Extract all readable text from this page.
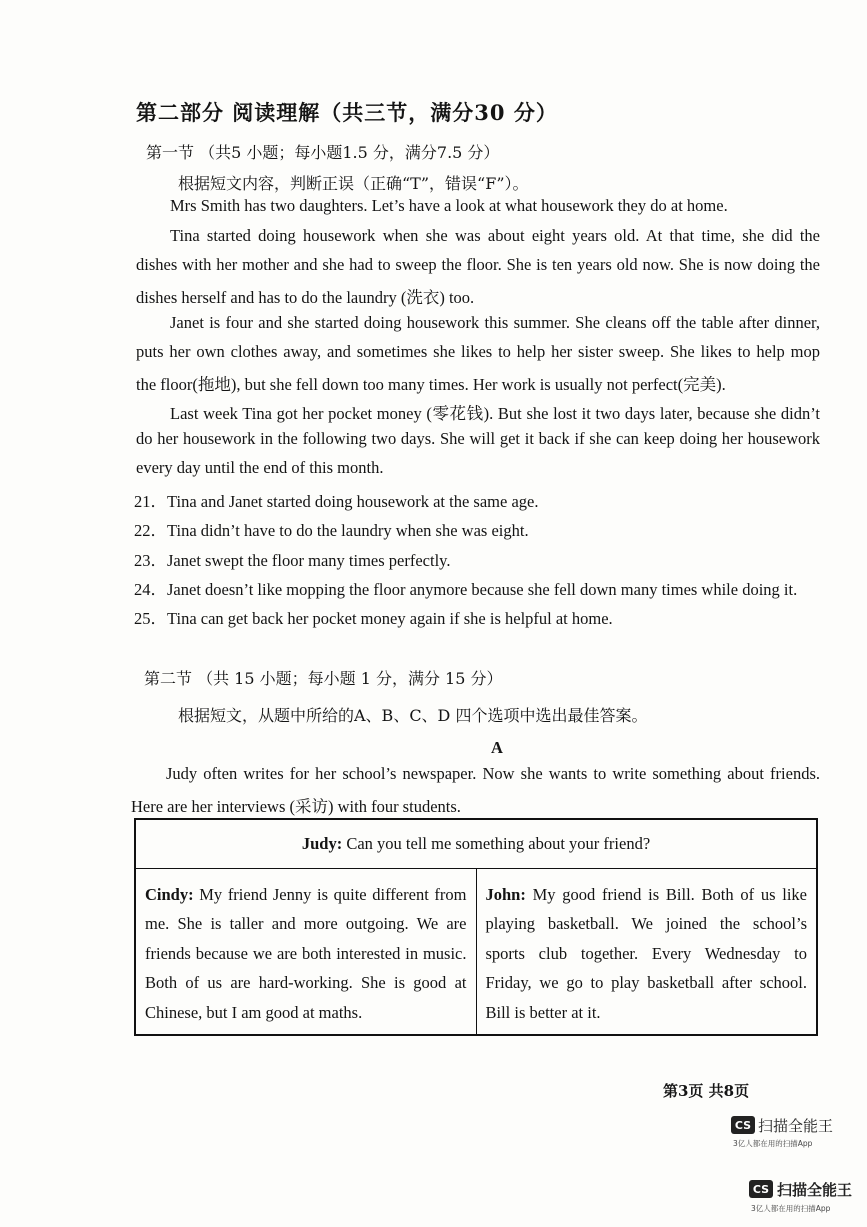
第二部分 阅读理解（共三节，满分30 分）
第一节 （共5 小题；每小题1.5 分，满分7.5 分）
根据短文内容，判断正误（正确“T”，错误“F”）。
Mrs Smith has two daughters. Let’s have a look at what housework they do at home.
Tina started doing housework when she was about eight years old. At that time, she did the
dishes with her mother and she had to sweep the floor. She is ten years old now. She is now doing the
dishes herself and has to do the laundry (洗衣) too.
Janet is four and she started doing housework this summer. She cleans off the table after dinner,
puts her own clothes away, and sometimes she likes to help her sister sweep. She likes to help mop
the floor(拖地), but she fell down too many times. Her work is usually not perfect(完美).
Last week Tina got her pocket money (零花钱). But she lost it two days later, because she didn’t
do her housework in the following two days. She will get it back if she can keep doing her housework
every day until the end of this month.
21．Tina and Janet started doing housework at the same age.
22．Tina didn’t have to do the laundry when she was eight.
23．Janet swept the floor many times perfectly.
24．Janet doesn’t like mopping the floor anymore because she fell down many times while doing it.
25．Tina can get back her pocket money again if she is helpful at home.
第二节 （共 15 小题；每小题 1 分，满分 15 分）
根据短文，从题中所给的A、B、C、D 四个选项中选出最佳答案。
A
Judy often writes for her school’s newspaper. Now she wants to write something about friends.
Here are her interviews (采访) with four students.
Judy: Can you tell me something about your friend?

Cindy: My friend Jenny is quite different from
me. She is taller and more outgoing. We are
friends because we are both interested in music.
Both of us are hard-working. She is good at
Chinese, but I am good at maths.

John: My good friend is Bill. Both of us like
playing basketball. We joined the school’s
sports club together. Every Wednesday to
Friday, we go to play basketball after school.
Bill is better at it.
第3页 共8页
CS 扫描全能王
3亿人都在用的扫描App
CS 扫描全能王
3亿人都在用的扫描App
